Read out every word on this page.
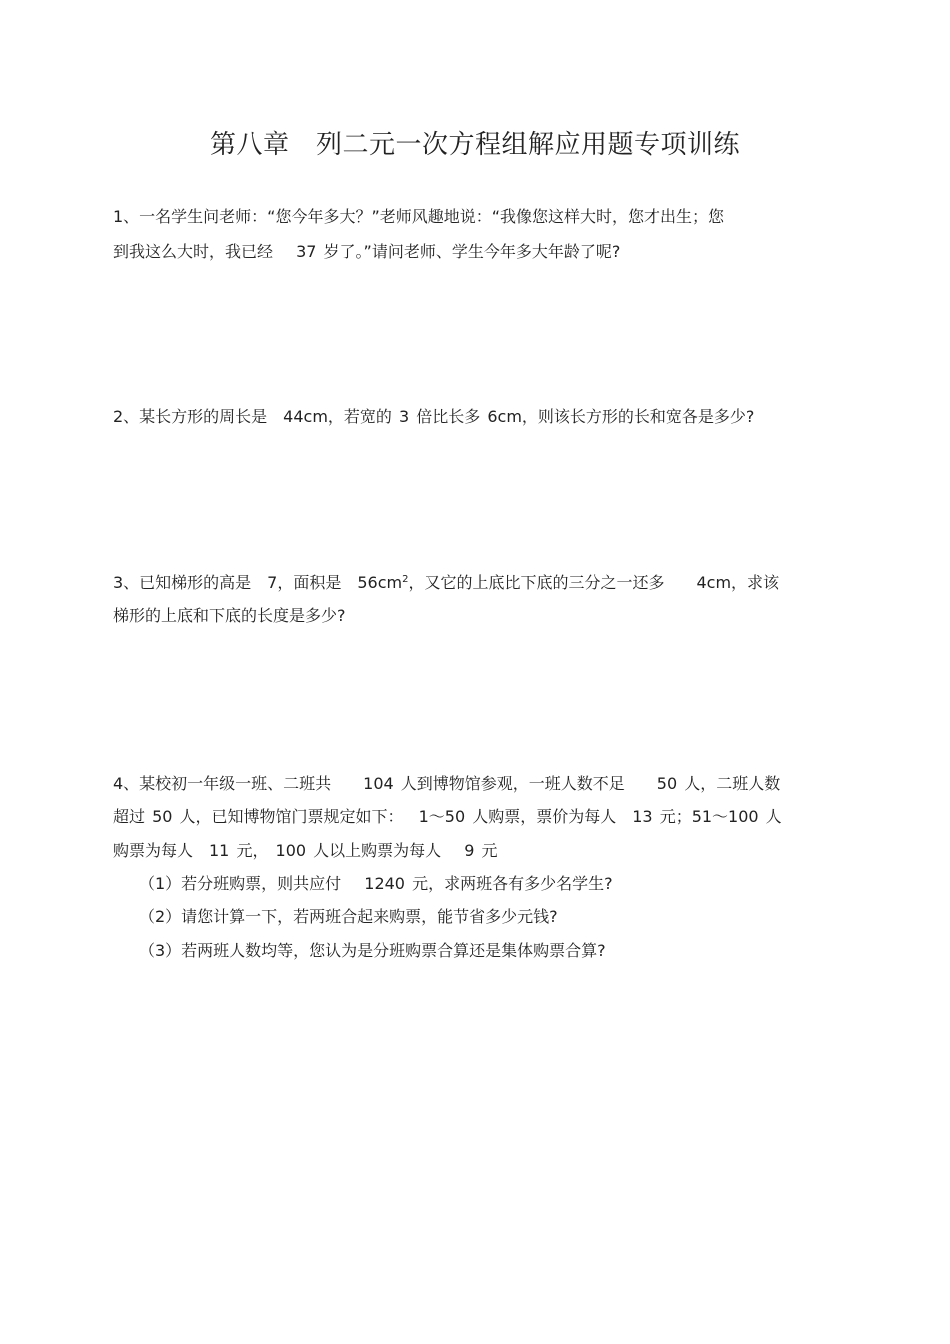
第八章　列二元一次方程组解应用题专项训练
1、一名学生问老师：“您今年多大？”老师风趣地说：“我像您这样大时，您才出生；您
到我这么大时，我已经　 37 岁了。”请问老师、学生今年多大年龄了呢?
2、某长方形的周长是　44cm，若宽的 3 倍比长多 6cm，则该长方形的长和宽各是多少?
3、已知梯形的高是　7，面积是　$56cm^2$，又它的上底比下底的三分之一还多　　4cm，求该
梯形的上底和下底的长度是多少?
4、某校初一年级一班、二班共　　104 人到博物馆参观，一班人数不足　　50 人，二班人数
超过 50 人，已知博物馆门票规定如下：　 1～50 人购票，票价为每人　13 元；51～100 人
购票为每人　11 元， 100 人以上购票为每人　 9 元
（1）若分班购票，则共应付　 1240 元，求两班各有多少名学生?
（2）请您计算一下，若两班合起来购票，能节省多少元钱?
（3）若两班人数均等，您认为是分班购票合算还是集体购票合算?
